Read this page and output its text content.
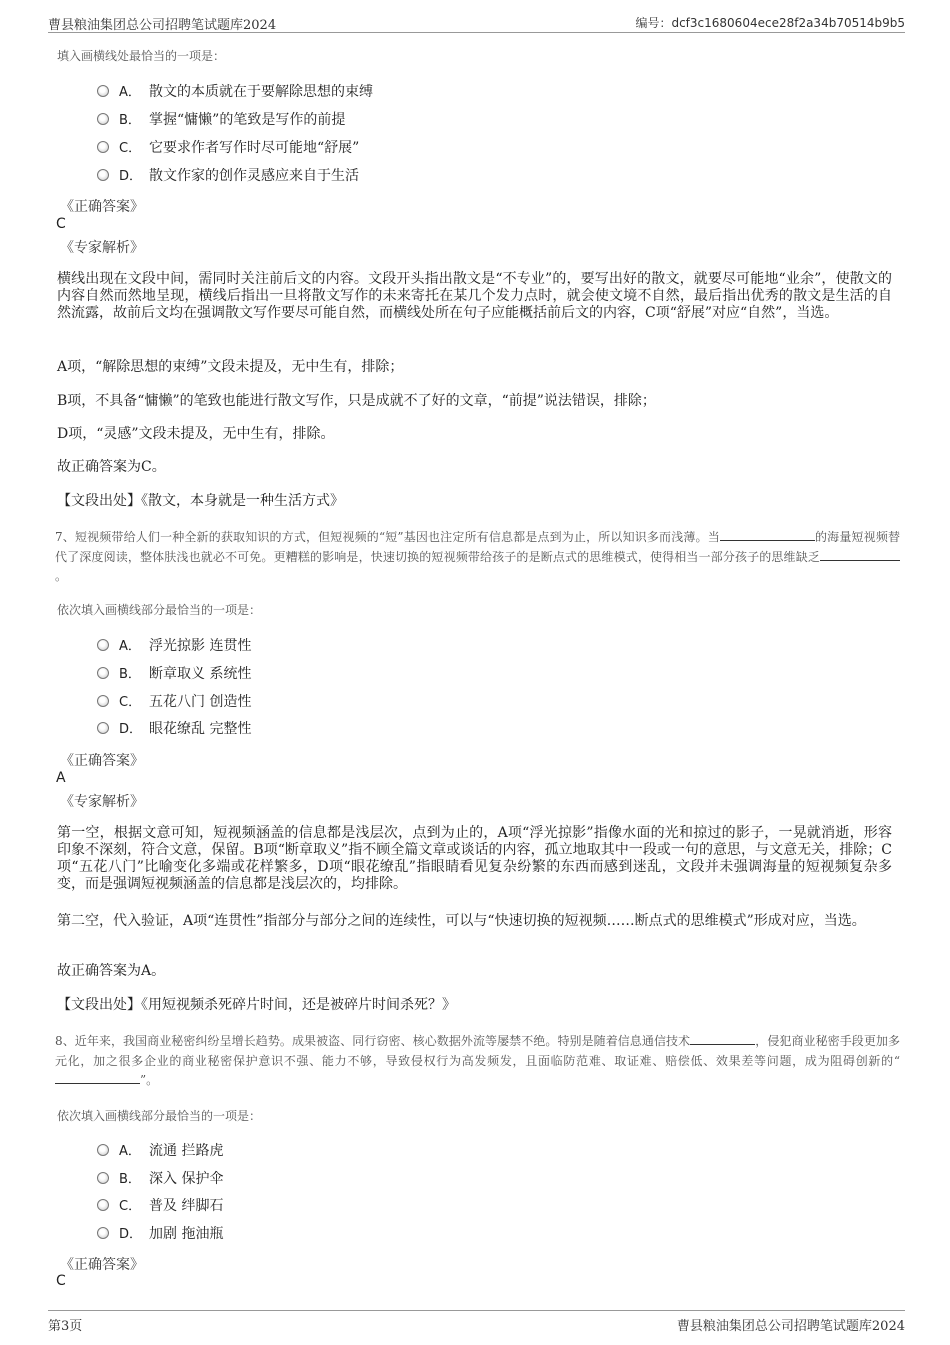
曹县粮油集团总公司招聘笔试题库2024	编号：dcf3c1680604ece28f2a34b70514b9b5
填入画横线处最恰当的一项是：
A． 散文的本质就在于要解除思想的束缚
B． 掌握“慵懒”的笔致是写作的前提
C． 它要求作者写作时尽可能地“舒展”
D． 散文作家的创作灵感应来自于生活
《正确答案》
C
《专家解析》
横线出现在文段中间，需同时关注前后文的内容。文段开头指出散文是“不专业”的，要写出好的散文，就要尽可能地“业余”，使散文的内容自然而然地呈现，横线后指出一旦将散文写作的未来寄托在某几个发力点时，就会使文境不自然，最后指出优秀的散文是生活的自然流露，故前后文均在强调散文写作要尽可能自然，而横线处所在句子应能概括前后文的内容，C项“舒展”对应“自然”，当选。
A项，“解除思想的束缚”文段未提及，无中生有，排除；
B项，不具备“慵懒”的笔致也能进行散文写作，只是成就不了好的文章，“前提”说法错误，排除；
D项，“灵感”文段未提及，无中生有，排除。
故正确答案为C。
【文段出处】《散文，本身就是一种生活方式》
7、短视频带给人们一种全新的获取知识的方式，但短视频的“短”基因也注定所有信息都是点到为止，所以知识多而浅薄。当	的海量短视频替代了深度阅读，整体肤浅也就必不可免。更糟糕的影响是，快速切换的短视频带给孩子的是断点式的思维模式，使得相当一部分孩子的思维缺乏。
依次填入画横线部分最恰当的一项是：
A． 浮光掠影 连贯性
B． 断章取义 系统性
C． 五花八门 创造性
D． 眼花缭乱 完整性
《正确答案》
A
《专家解析》
第一空，根据文意可知，短视频涵盖的信息都是浅层次，点到为止的，A项“浮光掠影”指像水面的光和掠过的影子，一晃就消逝，形容印象不深刻，符合文意，保留。B项“断章取义”指不顾全篇文章或谈话的内容，孤立地取其中一段或一句的意思，与文意无关，排除；C项“五花八门”比喻变化多端或花样繁多，D项“眼花缭乱”指眼睛看见复杂纷繁的东西而感到迷乱，文段并未强调海量的短视频复杂多变，而是强调短视频涵盖的信息都是浅层次的，均排除。
第二空，代入验证，A项“连贯性”指部分与部分之间的连续性，可以与“快速切换的短视频……断点式的思维模式”形成对应，当选。
故正确答案为A。
【文段出处】《用短视频杀死碎片时间，还是被碎片时间杀死？》
8、近年来，我国商业秘密纠纷呈增长趋势。成果被盗、同行窃密、核心数据外流等屡禁不绝。特别是随着信息通信技术	，侵犯商业秘密手段更加多元化，加之很多企业的商业秘密保护意识不强、能力不够，导致侵权行为高发频发，且面临防范难、取证难、赔偿低、效果差等问题，成为阻碍创新的“”。
依次填入画横线部分最恰当的一项是：
A． 流通 拦路虎
B． 深入 保护伞
C． 普及 绊脚石
D． 加剧 拖油瓶
《正确答案》
C
第3页	曹县粮油集团总公司招聘笔试题库2024
